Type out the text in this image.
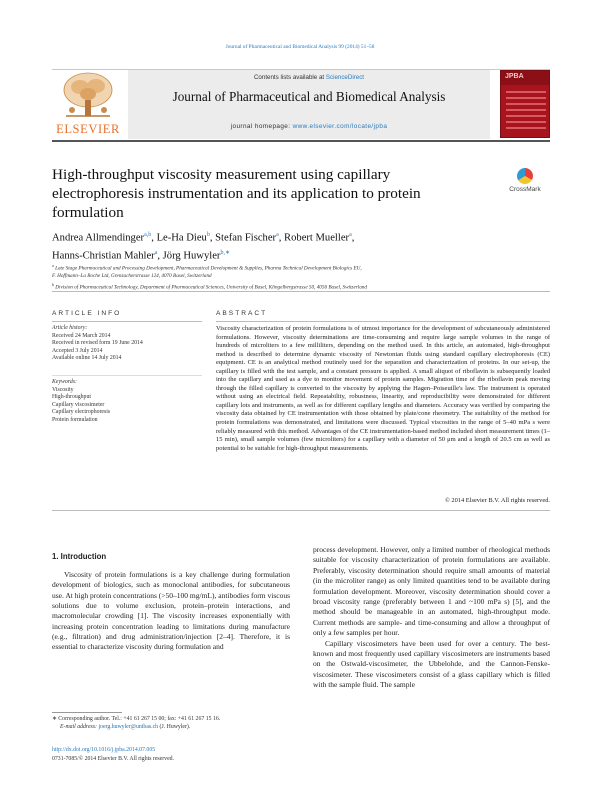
Journal of Pharmaceutical and Biomedical Analysis 99 (2014) 51–58
ELSEVIER
Contents lists available at ScienceDirect
Journal of Pharmaceutical and Biomedical Analysis
journal homepage: www.elsevier.com/locate/jpba
JPBA
High-throughput viscosity measurement using capillary electrophoresis instrumentation and its application to protein formulation
CrossMark
Andrea Allmendinger$^{a,b}$, Le-Ha Dieu$^b$, Stefan Fischer$^a$, Robert Mueller$^a$,
Hanns-Christian Mahler$^a$, Jörg Huwyler$^{b,∗}$
$^a$ Late Stage Pharmaceutical and Processing Development, Pharmaceutical Development & Supplies, Pharma Technical Development Biologics EU,
F. Hoffmann–La Roche Ltd, Grenzacherstrasse 124, 4070 Basel, Switzerland
$^b$ Division of Pharmaceutical Technology, Department of Pharmaceutical Sciences, University of Basel, Klingelbergstrasse 50, 4056 Basel, Switzerland
ARTICLE INFO	ABSTRACT
Article history:
Received 24 March 2014
Received in revised form 19 June 2014
Accepted 3 July 2014
Available online 14 July 2014
Keywords:
Viscosity
High-throughput
Capillary viscosimeter
Capillary electrophoresis
Protein formulation
Viscosity characterization of protein formulations is of utmost importance for the development of subcutaneously administered formulations. However, viscosity determinations are time-consuming and require large sample volumes in the range of hundreds of microliters to a few milliliters, depending on the method used. In this article, an automated, high-throughput method is described to determine dynamic viscosity of Newtonian fluids using standard capillary electrophoresis (CE) equipment. CE is an analytical method routinely used for the separation and characterization of proteins. In our set-up, the capillary is filled with the test sample, and a constant pressure is applied. A small aliquot of riboflavin is subsequently loaded into the capillary and used as a dye to monitor movement of protein samples. Migration time of the riboflavin peak moving through the filled capillary is converted to the viscosity by applying the Hagen–Poiseuille's law. The instrument is operated without using an electrical field. Repeatability, robustness, linearity, and reproducibility were demonstrated for different capillary lots and instruments, as well as for different capillary lengths and diameters. Accuracy was verified by comparing the viscosity data obtained by CE instrumentation with those obtained by plate/cone rheometry. The suitability of the method for protein formulations was demonstrated, and limitations were discussed. Typical viscosities in the range of 5–40 mPa s were reliably measured with this method. Advantages of the CE instrumentation-based method included short measurement times (1–15 min), small sample volumes (few microliters) for a capillary with a diameter of 50 μm and a length of 20.5 cm as well as potential to be suitable for high-throughput measurements.
© 2014 Elsevier B.V. All rights reserved.
1. Introduction
Viscosity of protein formulations is a key challenge during formulation development of biologics, such as monoclonal antibodies, for subcutaneous use. At high protein concentrations (>50–100 mg/mL), antibodies form viscous solutions due to volume exclusion, protein–protein interactions, and macromolecular crowding [1]. The viscosity increases exponentially with increasing protein concentration leading to limitations during manufacture (e.g., filtration) and drug administration/injection [2–4]. Therefore, it is essential to characterize viscosity during formulation and
process development. However, only a limited number of rheological methods suitable for viscosity characterization of protein formulations are available. Preferably, viscosity determination should require small amounts of material (in the microliter range) as only limited quantities tend to be available during formulation development. Moreover, viscosity determination should cover a broad viscosity range (preferably between 1 and ~100 mPa s) [5], and the method should be manageable in an automated, high-throughput mode. Current methods are sample- and time-consuming and allow a throughput of only a few samples per hour.
Capillary viscosimeters have been used for over a century. The best-known and most frequently used capillary viscosimeters are instruments based on the Ostwald-viscosimeter, the Ubbelohde, and the Cannon-Fenske-viscosimeter. These viscosimeters consist of a glass capillary which is filled with the sample fluid. The sample
∗ Corresponding author. Tel.: +41 61 267 15 00; fax: +41 61 267 15 16.
E-mail address: joerg.huwyler@unibas.ch (J. Huwyler).
http://dx.doi.org/10.1016/j.jpba.2014.07.005
0731-7085/© 2014 Elsevier B.V. All rights reserved.
